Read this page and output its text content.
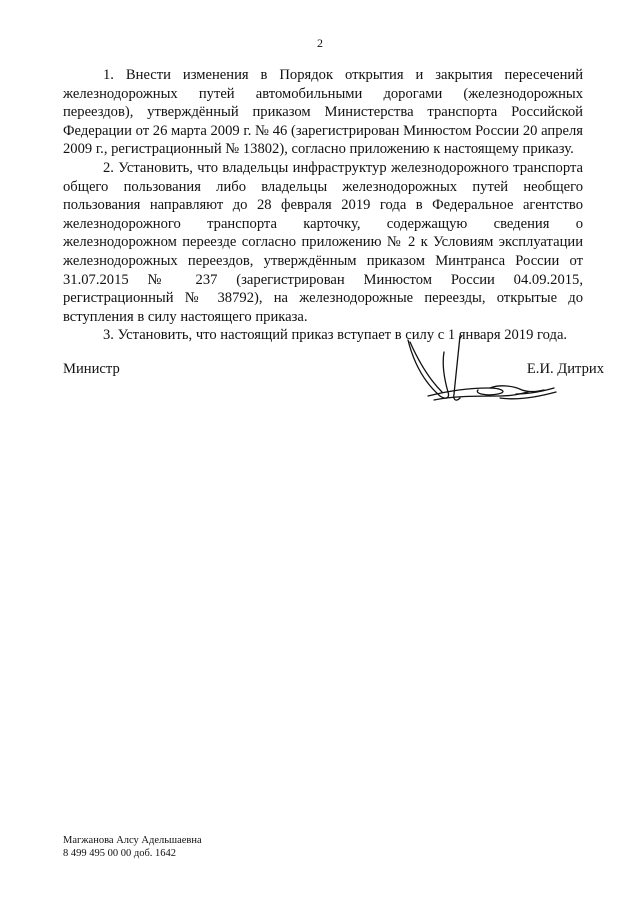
2

1. Внести изменения в Порядок открытия и закрытия пересечений железнодорожных путей автомобильными дорогами (железнодорожных переездов), утверждённый приказом Министерства транспорта Российской Федерации от 26 марта 2009 г. № 46 (зарегистрирован Минюстом России 20 апреля 2009 г., регистрационный № 13802), согласно приложению к настоящему приказу.

2. Установить, что владельцы инфраструктур железнодорожного транспорта общего пользования либо владельцы железнодорожных путей необщего пользования направляют до 28 февраля 2019 года в Федеральное агентство железнодорожного транспорта карточку, содержащую сведения о железнодорожном переезде согласно приложению № 2 к Условиям эксплуатации железнодорожных переездов, утверждённым приказом Минтранса России от 31.07.2015 № 237 (зарегистрирован Минюстом России 04.09.2015, регистрационный № 38792), на железнодорожные переезды, открытые до вступления в силу настоящего приказа.

3. Установить, что настоящий приказ вступает в силу с 1 января 2019 года.

Министр	Е.И. Дитрих
Магжанова Алсу Адельшаевна
8 499 495 00 00 доб. 1642
